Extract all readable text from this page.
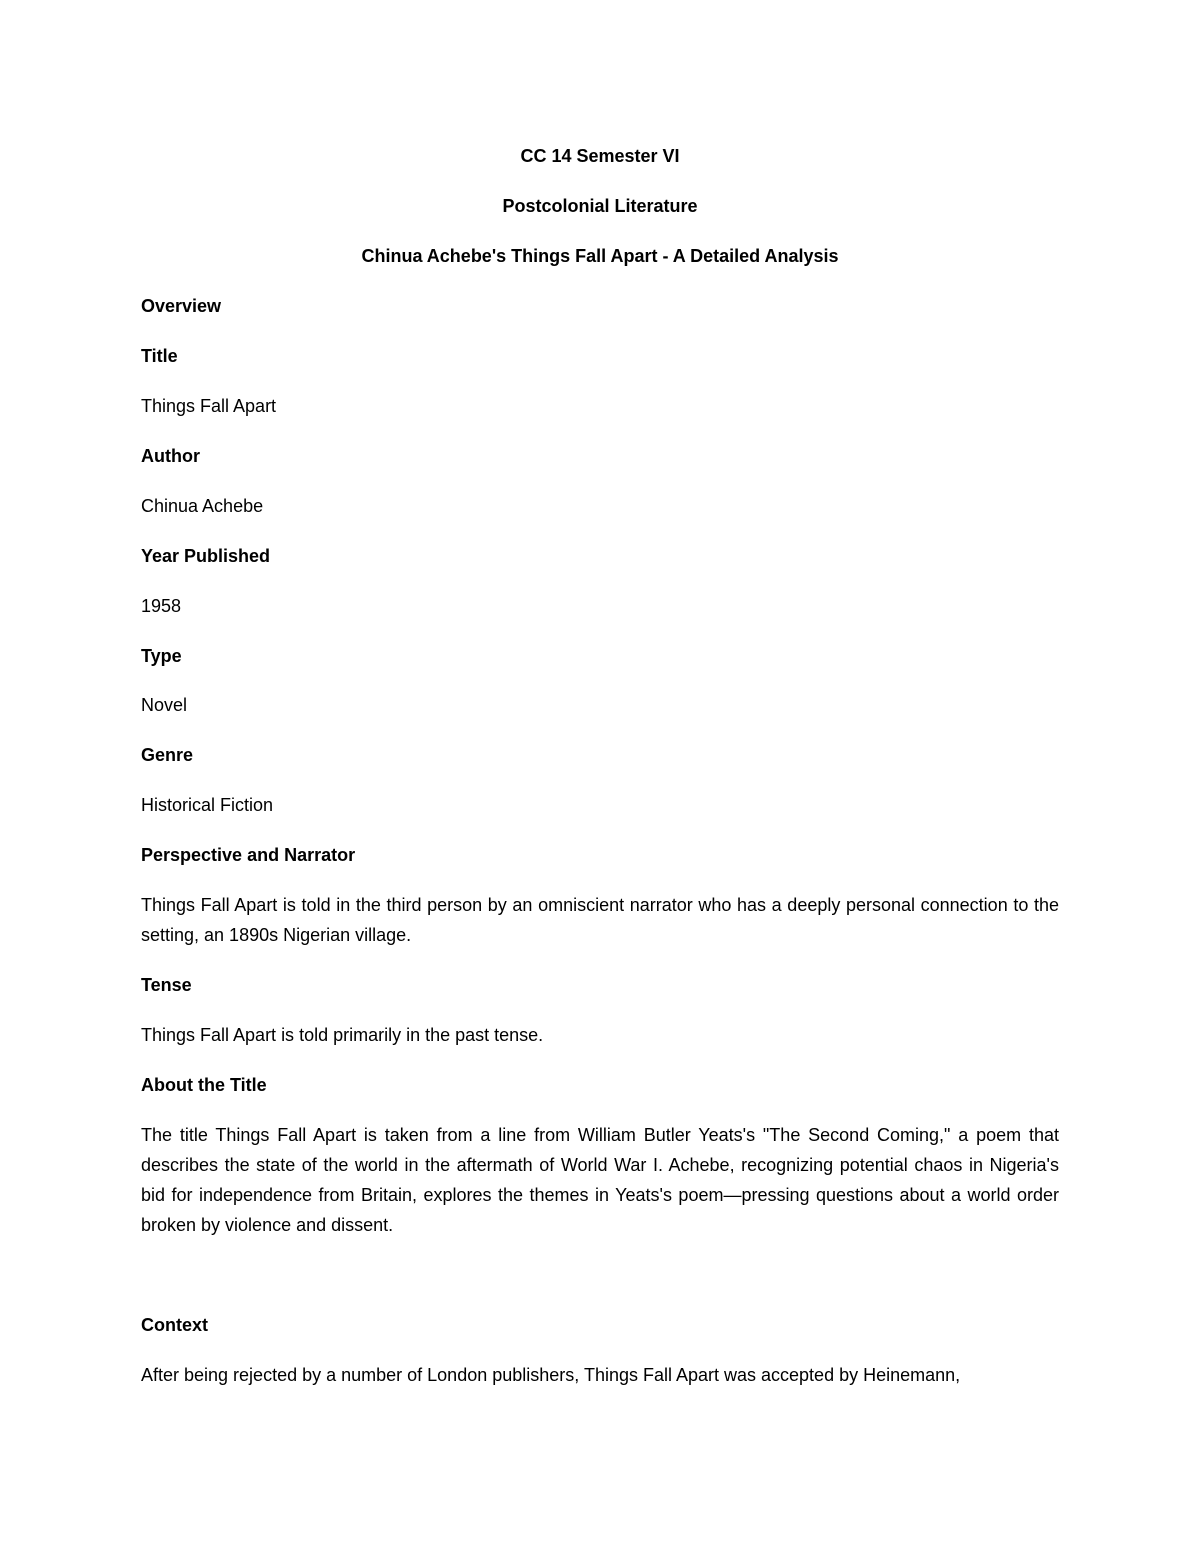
CC 14 Semester VI
Postcolonial Literature
Chinua Achebe's Things Fall Apart - A Detailed Analysis
Overview
Title
Things Fall Apart
Author
Chinua Achebe
Year Published
1958
Type
Novel
Genre
Historical Fiction
Perspective and Narrator
Things Fall Apart is told in the third person by an omniscient narrator who has a deeply personal connection to the setting, an 1890s Nigerian village.
Tense
Things Fall Apart is told primarily in the past tense.
About the Title
The title Things Fall Apart is taken from a line from William Butler Yeats's "The Second Coming," a poem that describes the state of the world in the aftermath of World War I. Achebe, recognizing potential chaos in Nigeria's bid for independence from Britain, explores the themes in Yeats's poem—pressing questions about a world order broken by violence and dissent.
Context
After being rejected by a number of London publishers, Things Fall Apart was accepted by Heinemann,
